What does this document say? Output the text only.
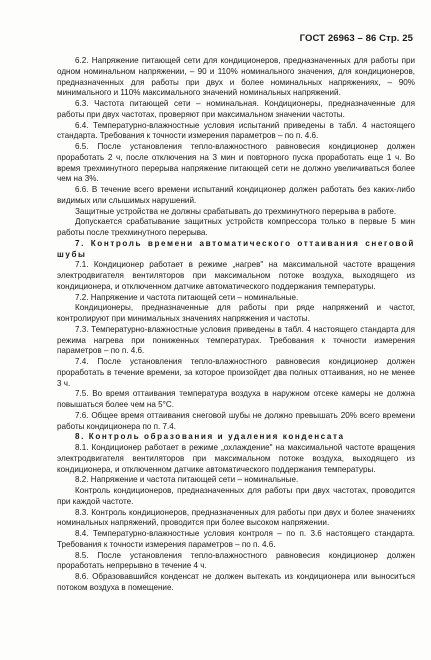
ГОСТ 26963 – 86 Стр. 25

6.2. Напряжение питающей сети для кондиционеров, предназначенных для работы при одном номинальном напряжении, – 90 и 110% номинального значения, для кондиционеров, предназначенных для работы при двух и более номинальных напряжениях, – 90% минимального и 110% максимального значений номинальных напряжений.

6.3. Частота питающей сети – номинальная. Кондиционеры, предназначенные для работы при двух частотах, проверяют при максимальном значении частоты.

6.4. Температурно-влажностные условия испытаний приведены в табл. 4 настоящего стандарта. Требования к точности измерения параметров – по п. 4.6.

6.5. После установления тепло-влажностного равновесия кондиционер должен проработать 2 ч, после отключения на 3 мин и повторного пуска проработать еще 1 ч. Во время трехминутного перерыва напряжение питающей сети не должно увеличиваться более чем на 3%.

6.6. В течение всего времени испытаний кондиционер должен работать без каких-либо видимых или слышимых нарушений.

Защитные устройства не должны срабатывать до трехминутного перерыва в работе.

Допускается срабатывание защитных устройств компрессора только в первые 5 мин работы после трехминутного перерыва.

7. Контроль времени автоматического оттаивания снеговой шубы

7.1. Кондиционер работает в режиме „нагрев" на максимальной частоте вращения электродвигателя вентиляторов при максимальном потоке воздуха, выходящего из кондиционера, и отключенном датчике автоматического поддержания температуры.

7.2. Напряжение и частота питающей сети – номинальные.

Кондиционеры, предназначенные для работы при ряде напряжений и частот, контролируют при минимальных значениях напряжения и частоты.

7.3. Температурно-влажностные условия приведены в табл. 4 настоящего стандарта для режима нагрева при пониженных температурах. Требования к точности измерения параметров – по п. 4.6.

7.4. После установления тепло-влажностного равновесия кондиционер должен проработать в течение времени, за которое произойдет два полных оттаивания, но не менее 3 ч.

7.5. Во время оттаивания температура воздуха в наружном отсеке камеры не должна повышаться более чем на 5°С.

7.6. Общее время оттаивания снеговой шубы не должно превышать 20% всего времени работы кондиционера по п. 7.4.

8. Контроль образования и удаления конденсата

8.1. Кондиционер работает в режиме „охлаждение" на максимальной частоте вращения электродвигателя вентиляторов при максимальном потоке воздуха, выходящего из кондиционера, и отключенном датчике автоматического поддержания температуры.

8.2. Напряжение и частота питающей сети – номинальные.

Контроль кондиционеров, предназначенных для работы при двух частотах, проводится при каждой частоте.

8.3. Контроль кондиционеров, предназначенных для работы при двух и более значениях номинальных напряжений, проводится при более высоком напряжении.

8.4. Температурно-влажностные условия контроля – по п. 3.6 настоящего стандарта. Требования к точности измерения параметров – по п. 4.6.

8.5. После установления тепло-влажностного равновесия кондиционер должен проработать непрерывно в течение 4 ч.

8.6. Образовавшийся конденсат не должен вытекать из кондиционера или выноситься потоком воздуха в помещение.
